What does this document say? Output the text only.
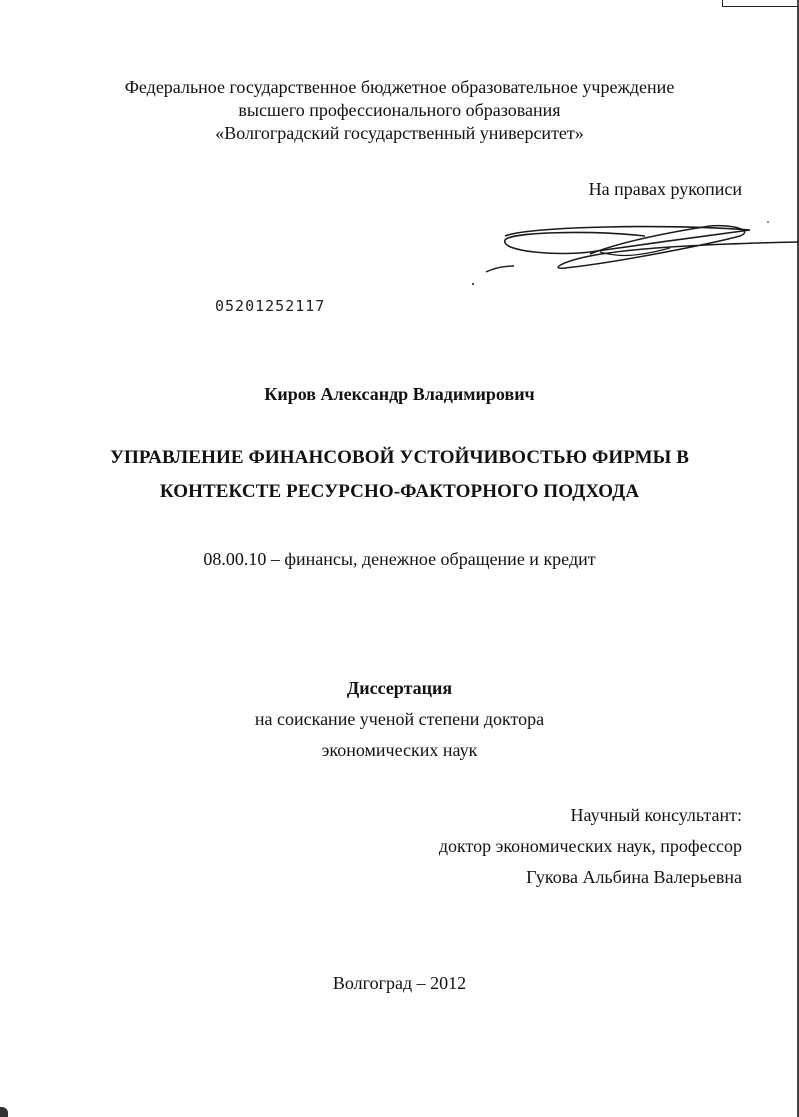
Федеральное государственное бюджетное образовательное учреждение
высшего профессионального образования
«Волгоградский государственный университет»
На правах рукописи
05201252117
Киров Александр Владимирович
УПРАВЛЕНИЕ ФИНАНСОВОЙ УСТОЙЧИВОСТЬЮ ФИРМЫ В
КОНТЕКСТЕ РЕСУРСНО-ФАКТОРНОГО ПОДХОДА
08.00.10 – финансы, денежное обращение и кредит
Диссертация
на соискание ученой степени доктора
экономических наук
Научный консультант:
доктор экономических наук, профессор
Гукова Альбина Валерьевна
Волгоград – 2012
